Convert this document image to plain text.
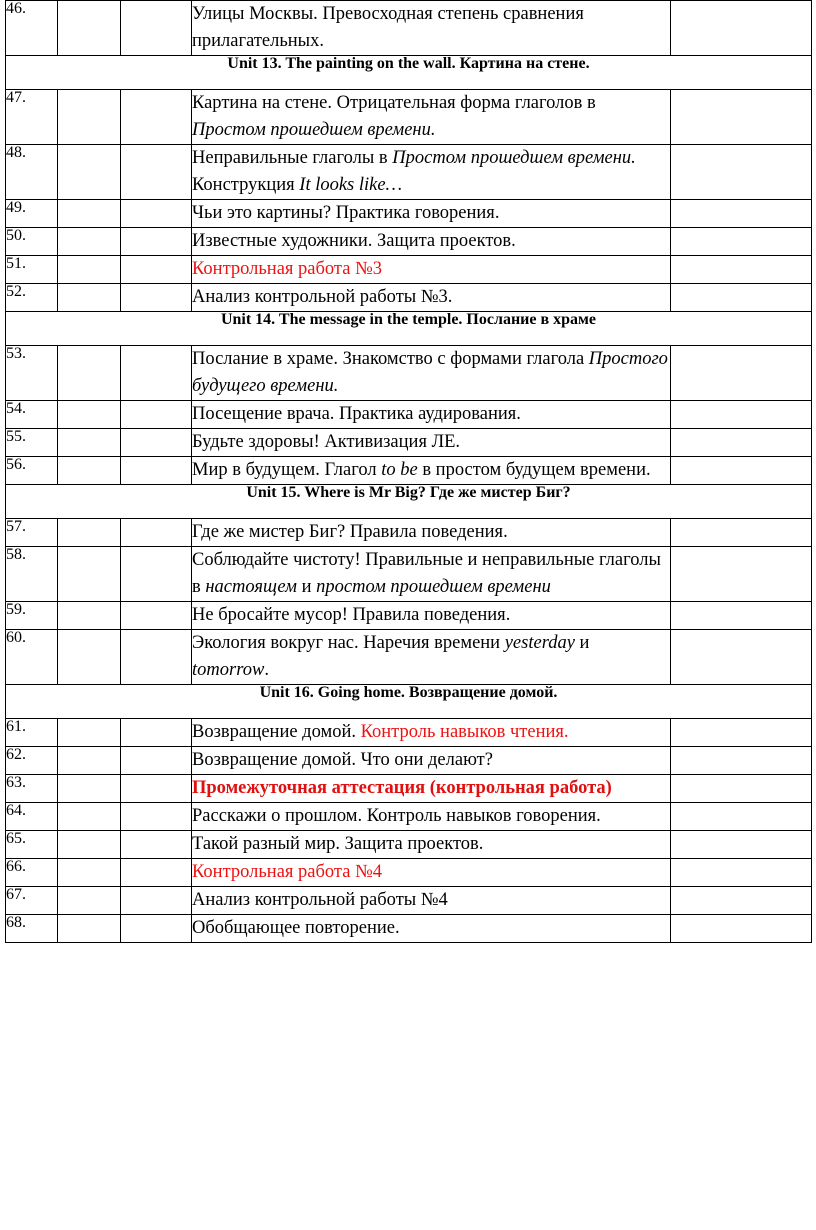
46.			Улицы Москвы. Превосходная степень сравнения прилагательных.	
Unit 13. The painting on the wall. Картина на стене.				
47.			Картина на стене. Отрицательная форма глаголов в Простом прошедшем времени.	
48.			Неправильные глаголы в Простом прошедшем времени. Конструкция It looks like…	
49.			Чьи это картины? Практика говорения.	
50.			Известные художники. Защита проектов.	
51.			Контрольная работа №3	
52.			Анализ контрольной работы №3.	
Unit 14. The message in the temple. Послание в храме				
53.			Послание в храме. Знакомство с формами глагола Простого будущего времени.	
54.			Посещение врача. Практика аудирования.	
55.			Будьте здоровы! Активизация ЛЕ.	
56.			Мир в будущем. Глагол to be в простом будущем времени.	
Unit 15. Where is Mr Big? Где же мистер Биг?				
57.			Где же мистер Биг? Правила поведения.	
58.			Соблюдайте чистоту! Правильные и неправильные глаголы в настоящем и простом прошедшем времени	
59.			Не бросайте мусор! Правила поведения.	
60.			Экология вокруг нас. Наречия времени yesterday и tomorrow.	
Unit 16. Going home. Возвращение домой.				
61.			Возвращение домой. Контроль навыков чтения.	
62.			Возвращение домой. Что они делают?	
63.			Промежуточная аттестация (контрольная работа)	
64.			Расскажи о прошлом. Контроль навыков говорения.	
65.			Такой разный мир. Защита проектов.	
66.			Контрольная работа №4	
67.			Анализ контрольной работы №4	
68.			Обобщающее повторение.	
